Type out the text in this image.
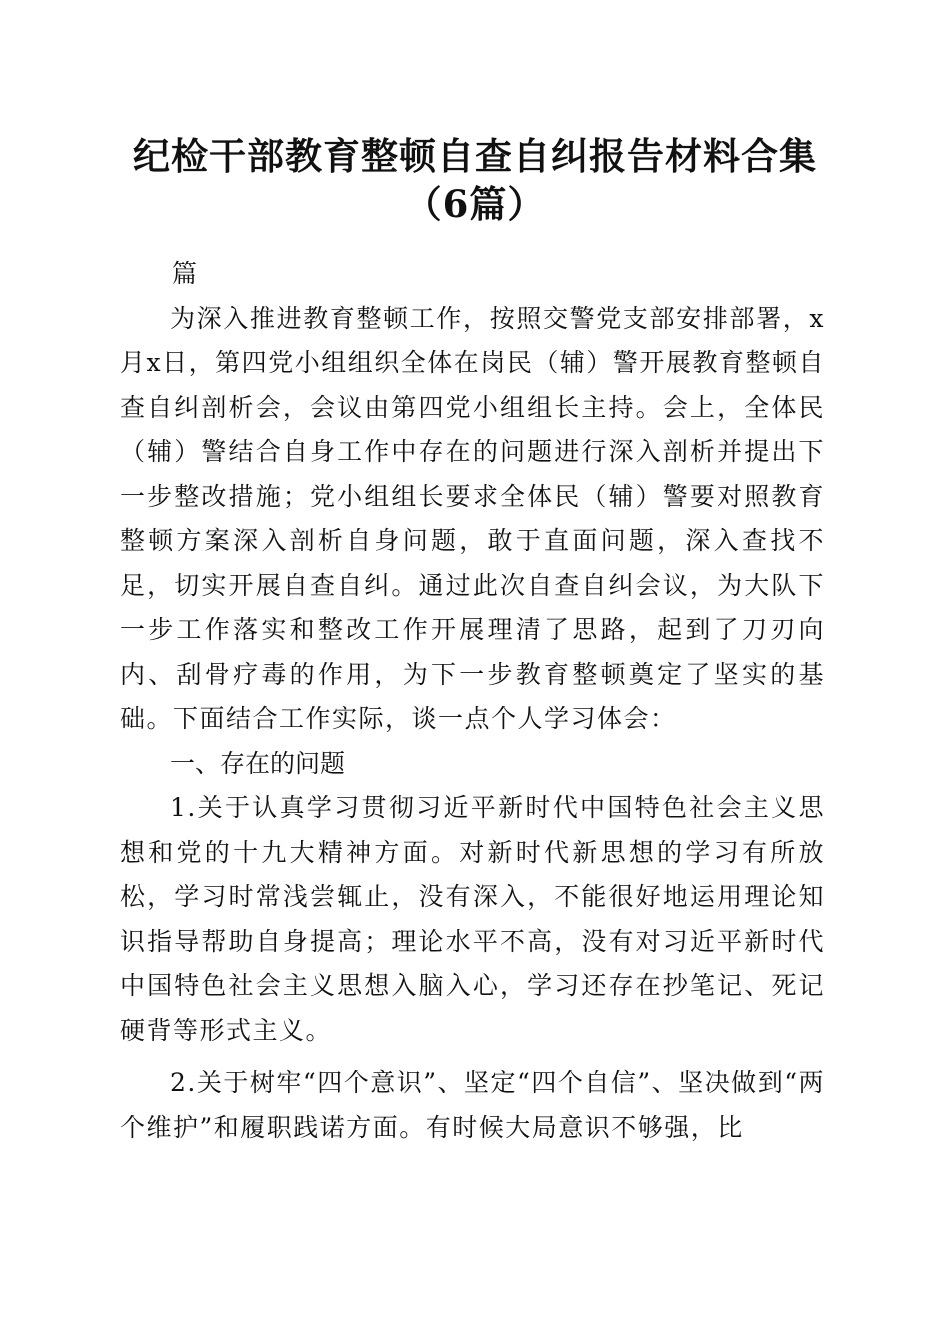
纪检干部教育整顿自查自纠报告材料合集（6篇）

篇

为深入推进教育整顿工作，按照交警党支部安排部署，x月x日，第四党小组组织全体在岗民（辅）警开展教育整顿自查自纠剖析会，会议由第四党小组组长主持。会上，全体民（辅）警结合自身工作中存在的问题进行深入剖析并提出下一步整改措施；党小组组长要求全体民（辅）警要对照教育整顿方案深入剖析自身问题，敢于直面问题，深入查找不足，切实开展自查自纠。通过此次自查自纠会议，为大队下一步工作落实和整改工作开展理清了思路，起到了刀刃向内、刮骨疗毒的作用，为下一步教育整顿奠定了坚实的基础。下面结合工作实际，谈一点个人学习体会：

一、存在的问题

1.关于认真学习贯彻习近平新时代中国特色社会主义思想和党的十九大精神方面。对新时代新思想的学习有所放松，学习时常浅尝辄止，没有深入，不能很好地运用理论知识指导帮助自身提高；理论水平不高，没有对习近平新时代中国特色社会主义思想入脑入心，学习还存在抄笔记、死记硬背等形式主义。

2.关于树牢“四个意识”、坚定“四个自信”、坚决做到“两个维护”和履职践诺方面。有时候大局意识不够强，比
